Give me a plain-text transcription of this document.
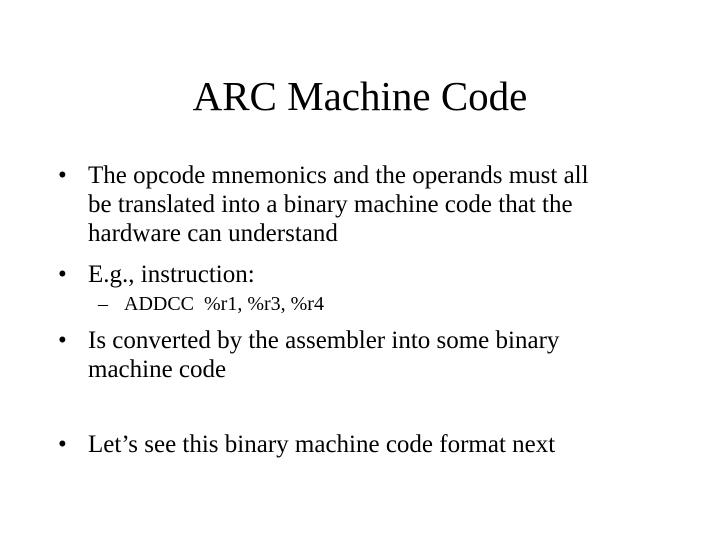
ARC Machine Code
• The opcode mnemonics and the operands must all
be translated into a binary machine code that the
hardware can understand
• E.g., instruction:
– ADDCC  %r1, %r3, %r4
• Is converted by the assembler into some binary
machine code
• Let’s see this binary machine code format next
